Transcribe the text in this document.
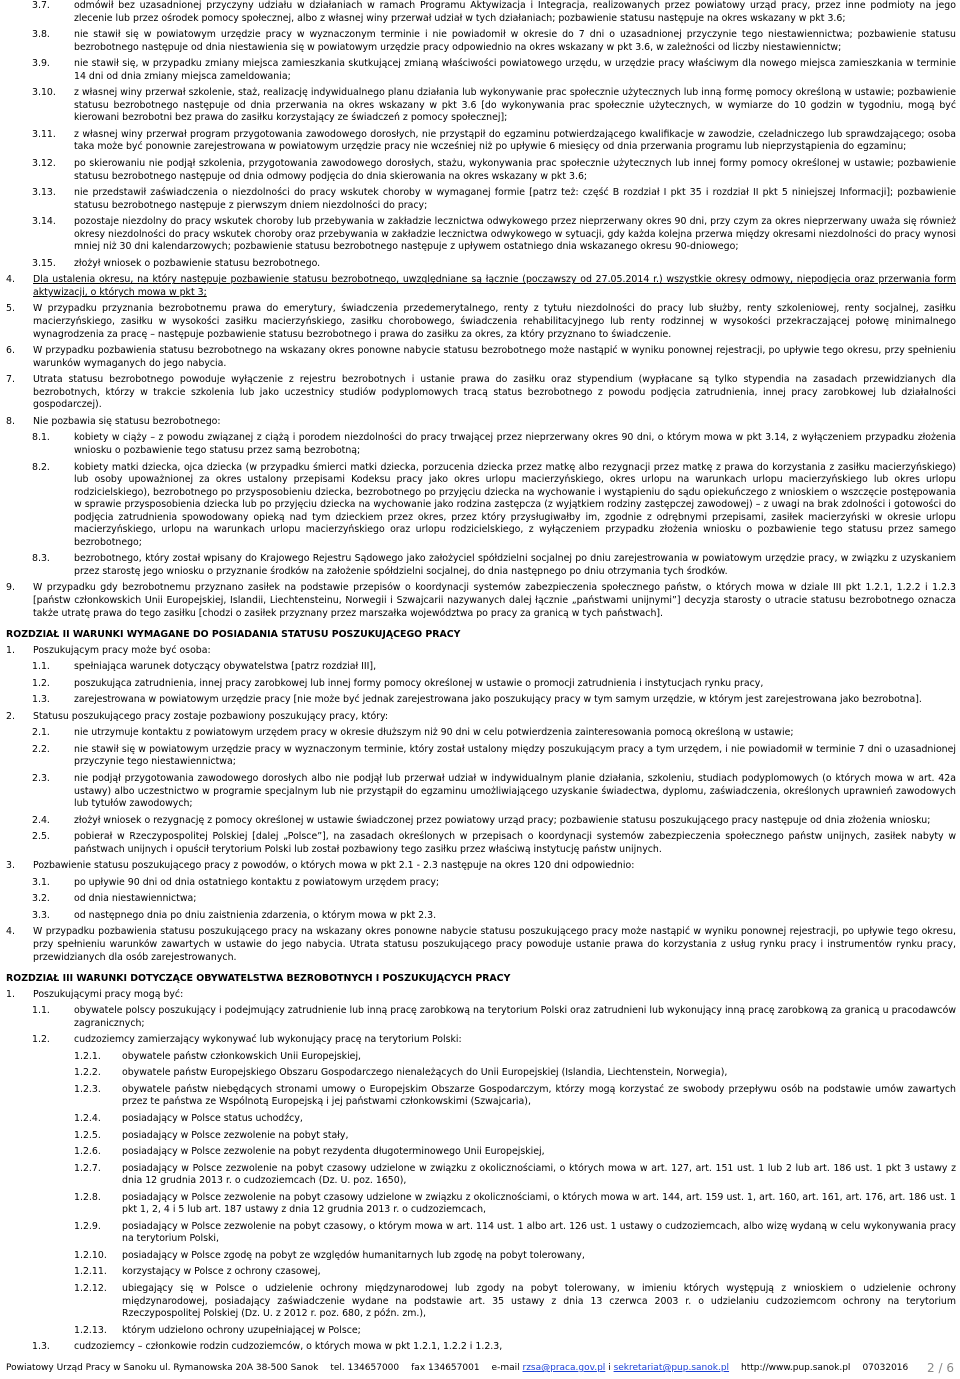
3.7.	odmówił bez uzasadnionej przyczyny udziału w działaniach w ramach Programu Aktywizacja i Integracja, realizowanych przez powiatowy urząd pracy, przez inne podmioty na jego zlecenie lub przez ośrodek pomocy społecznej, albo z własnej winy przerwał udział w tych działaniach; pozbawienie statusu następuje na okres wskazany w pkt 3.6;
3.8.	nie stawił się w powiatowym urzędzie pracy w wyznaczonym terminie i nie powiadomił w okresie do 7 dni o uzasadnionej przyczynie tego niestawiennictwa; pozbawienie statusu bezrobotnego następuje od dnia niestawienia się w powiatowym urzędzie pracy odpowiednio na okres wskazany w pkt 3.6, w zależności od liczby niestawiennictw;
3.9.	nie stawił się, w przypadku zmiany miejsca zamieszkania skutkującej zmianą właściwości powiatowego urzędu, w urzędzie pracy właściwym dla nowego miejsca zamieszkania w terminie 14 dni od dnia zmiany miejsca zameldowania;
3.10.	z własnej winy przerwał szkolenie, staż, realizację indywidualnego planu działania lub wykonywanie prac społecznie użytecznych lub inną formę pomocy określoną w ustawie; pozbawienie statusu bezrobotnego następuje od dnia przerwania na okres wskazany w pkt 3.6 [do wykonywania prac społecznie użytecznych, w wymiarze do 10 godzin w tygodniu, mogą być kierowani bezrobotni bez prawa do zasiłku korzystający ze świadczeń z pomocy społecznej];
3.11.	z własnej winy przerwał program przygotowania zawodowego dorosłych, nie przystąpił do egzaminu potwierdzającego kwalifikacje w zawodzie, czeladniczego lub sprawdzającego; osoba taka może być ponownie zarejestrowana w powiatowym urzędzie pracy nie wcześniej niż po upływie 6 miesięcy od dnia przerwania programu lub nieprzystąpienia do egzaminu;
3.12.	po skierowaniu nie podjął szkolenia, przygotowania zawodowego dorosłych, stażu, wykonywania prac społecznie użytecznych lub innej formy pomocy określonej w ustawie; pozbawienie statusu bezrobotnego następuje od dnia odmowy podjęcia do dnia skierowania na okres wskazany w pkt 3.6;
3.13.	nie przedstawił zaświadczenia o niezdolności do pracy wskutek choroby w wymaganej formie [patrz też: część B rozdział I pkt 35 i rozdział II pkt 5 niniejszej Informacji]; pozbawienie statusu bezrobotnego następuje z pierwszym dniem niezdolności do pracy;
3.14.	pozostaje niezdolny do pracy wskutek choroby lub przebywania w zakładzie lecznictwa odwykowego przez nieprzerwany okres 90 dni, przy czym za okres nieprzerwany uważa się również okresy niezdolności do pracy wskutek choroby oraz przebywania w zakładzie lecznictwa odwykowego w sytuacji, gdy każda kolejna przerwa między okresami niezdolności do pracy wynosi mniej niż 30 dni kalendarzowych; pozbawienie statusu bezrobotnego następuje z upływem ostatniego dnia wskazanego okresu 90-dniowego;
3.15.	złożył wniosek o pozbawienie statusu bezrobotnego.
4.	Dla ustalenia okresu, na który następuje pozbawienie statusu bezrobotnego, uwzględniane są łącznie (począwszy od 27.05.2014 r.) wszystkie okresy odmowy, niepodjęcia oraz przerwania form aktywizacji, o których mowa w pkt 3;
5.	W przypadku przyznania bezrobotnemu prawa do emerytury, świadczenia przedemerytalnego, renty z tytułu niezdolności do pracy lub służby, renty szkoleniowej, renty socjalnej, zasiłku macierzyńskiego, zasiłku w wysokości zasiłku macierzyńskiego, zasiłku chorobowego, świadczenia rehabilitacyjnego lub renty rodzinnej w wysokości przekraczającej połowę minimalnego wynagrodzenia za pracę – następuje pozbawienie statusu bezrobotnego i prawa do zasiłku za okres, za który przyznano to świadczenie.
6.	W przypadku pozbawienia statusu bezrobotnego na wskazany okres ponowne nabycie statusu bezrobotnego może nastąpić w wyniku ponownej rejestracji, po upływie tego okresu, przy spełnieniu warunków wymaganych do jego nabycia.
7.	Utrata statusu bezrobotnego powoduje wyłączenie z rejestru bezrobotnych i ustanie prawa do zasiłku oraz stypendium (wypłacane są tylko stypendia na zasadach przewidzianych dla bezrobotnych, którzy w trakcie szkolenia lub jako uczestnicy studiów podyplomowych tracą status bezrobotnego z powodu podjęcia zatrudnienia, innej pracy zarobkowej lub działalności gospodarczej).
8.	Nie pozbawia się statusu bezrobotnego:
8.1.	kobiety w ciąży – z powodu związanej z ciążą i porodem niezdolności do pracy trwającej przez nieprzerwany okres 90 dni, o którym mowa w pkt 3.14, z wyłączeniem przypadku złożenia wniosku o pozbawienie tego statusu przez samą bezrobotną;
8.2.	kobiety matki dziecka, ojca dziecka (w przypadku śmierci matki dziecka, porzucenia dziecka przez matkę albo rezygnacji przez matkę z prawa do korzystania z zasiłku macierzyńskiego) lub osoby upoważnionej za okres ustalony przepisami Kodeksu pracy jako okres urlopu macierzyńskiego, okres urlopu na warunkach urlopu macierzyńskiego lub okres urlopu rodzicielskiego), bezrobotnego po przysposobieniu dziecka, bezrobotnego po przyjęciu dziecka na wychowanie i wystąpieniu do sądu opiekuńczego z wnioskiem o wszczęcie postępowania w sprawie przysposobienia dziecka lub po przyjęciu dziecka na wychowanie jako rodzina zastępcza (z wyjątkiem rodziny zastępczej zawodowej) – z uwagi na brak zdolności i gotowości do podjęcia zatrudnienia spowodowany opieką nad tym dzieckiem przez okres, przez który przysługiwałby im, zgodnie z odrębnymi przepisami, zasiłek macierzyński w okresie urlopu macierzyńskiego, urlopu na warunkach urlopu macierzyńskiego oraz urlopu rodzicielskiego, z wyłączeniem przypadku złożenia wniosku o pozbawienie tego statusu przez samego bezrobotnego;
8.3.	bezrobotnego, który został wpisany do Krajowego Rejestru Sądowego jako założyciel spółdzielni socjalnej po dniu zarejestrowania w powiatowym urzędzie pracy, w związku z uzyskaniem przez starostę jego wniosku o przyznanie środków na założenie spółdzielni socjalnej, do dnia następnego po dniu otrzymania tych środków.
9.	W przypadku gdy bezrobotnemu przyznano zasiłek na podstawie przepisów o koordynacji systemów zabezpieczenia społecznego państw, o których mowa w dziale III pkt 1.2.1, 1.2.2 i 1.2.3 [państw członkowskich Unii Europejskiej, Islandii, Liechtensteinu, Norwegii i Szwajcarii nazywanych dalej łącznie „państwami unijnymi”] decyzja starosty o utracie statusu bezrobotnego oznacza także utratę prawa do tego zasiłku [chodzi o zasiłek przyznany przez marszałka województwa po pracy za granicą w tych państwach].
ROZDZIAŁ II WARUNKI WYMAGANE DO POSIADANIA STATUSU POSZUKUJĄCEGO PRACY
1.	Poszukującym pracy może być osoba:
1.1.	spełniająca warunek dotyczący obywatelstwa [patrz rozdział III],
1.2.	poszukująca zatrudnienia, innej pracy zarobkowej lub innej formy pomocy określonej w ustawie o promocji zatrudnienia i instytucjach rynku pracy,
1.3.	zarejestrowana w powiatowym urzędzie pracy [nie może być jednak zarejestrowana jako poszukujący pracy w tym samym urzędzie, w którym jest zarejestrowana jako bezrobotna].
2.	Statusu poszukującego pracy zostaje pozbawiony poszukujący pracy, który:
2.1.	nie utrzymuje kontaktu z powiatowym urzędem pracy w okresie dłuższym niż 90 dni w celu potwierdzenia zainteresowania pomocą określoną w ustawie;
2.2.	nie stawił się w powiatowym urzędzie pracy w wyznaczonym terminie, który został ustalony między poszukującym pracy a tym urzędem, i nie powiadomił w terminie 7 dni o uzasadnionej przyczynie tego niestawiennictwa;
2.3.	nie podjął przygotowania zawodowego dorosłych albo nie podjął lub przerwał udział w indywidualnym planie działania, szkoleniu, studiach podyplomowych (o których mowa w art. 42a ustawy) albo uczestnictwo w programie specjalnym lub nie przystąpił do egzaminu umożliwiającego uzyskanie świadectwa, dyplomu, zaświadczenia, określonych uprawnień zawodowych lub tytułów zawodowych;
2.4.	złożył wniosek o rezygnację z pomocy określonej w ustawie świadczonej przez powiatowy urząd pracy; pozbawienie statusu poszukującego pracy następuje od dnia złożenia wniosku;
2.5.	pobierał w Rzeczypospolitej Polskiej [dalej „Polsce”], na zasadach określonych w przepisach o koordynacji systemów zabezpieczenia społecznego państw unijnych, zasiłek nabyty w państwach unijnych i opuścił terytorium Polski lub został pozbawiony tego zasiłku przez właściwą instytucję państw unijnych.
3.	Pozbawienie statusu poszukującego pracy z powodów, o których mowa w pkt 2.1 - 2.3 następuje na okres 120 dni odpowiednio:
3.1.	po upływie 90 dni od dnia ostatniego kontaktu z powiatowym urzędem pracy;
3.2.	od dnia niestawiennictwa;
3.3.	od następnego dnia po dniu zaistnienia zdarzenia, o którym mowa w pkt 2.3.
4.	W przypadku pozbawienia statusu poszukującego pracy na wskazany okres ponowne nabycie statusu poszukującego pracy może nastąpić w wyniku ponownej rejestracji, po upływie tego okresu, przy spełnieniu warunków zawartych w ustawie do jego nabycia. Utrata statusu poszukującego pracy powoduje ustanie prawa do korzystania z usług rynku pracy i instrumentów rynku pracy, przewidzianych dla osób zarejestrowanych.
ROZDZIAŁ III WARUNKI DOTYCZĄCE OBYWATELSTWA BEZROBOTNYCH I POSZUKUJĄCYCH PRACY
1.	Poszukującymi pracy mogą być:
1.1.	obywatele polscy poszukujący i podejmujący zatrudnienie lub inną pracę zarobkową na terytorium Polski oraz zatrudnieni lub wykonujący inną pracę zarobkową za granicą u pracodawców zagranicznych;
1.2.	cudzoziemcy zamierzający wykonywać lub wykonujący pracę na terytorium Polski:
1.2.1.	obywatele państw członkowskich Unii Europejskiej,
1.2.2.	obywatele państw Europejskiego Obszaru Gospodarczego nienależących do Unii Europejskiej (Islandia, Liechtenstein, Norwegia),
1.2.3.	obywatele państw niebędących stronami umowy o Europejskim Obszarze Gospodarczym, którzy mogą korzystać ze swobody przepływu osób na podstawie umów zawartych przez te państwa ze Wspólnotą Europejską i jej państwami członkowskimi (Szwajcaria),
1.2.4.	posiadający w Polsce status uchodźcy,
1.2.5.	posiadający w Polsce zezwolenie na pobyt stały,
1.2.6.	posiadający w Polsce zezwolenie na pobyt rezydenta długoterminowego Unii Europejskiej,
1.2.7.	posiadający w Polsce zezwolenie na pobyt czasowy udzielone w związku z okolicznościami, o których mowa w art. 127, art. 151 ust. 1 lub 2 lub art. 186 ust. 1 pkt 3 ustawy z dnia 12 grudnia 2013 r. o cudzoziemcach (Dz. U. poz. 1650),
1.2.8.	posiadający w Polsce zezwolenie na pobyt czasowy udzielone w związku z okolicznościami, o których mowa w art. 144, art. 159 ust. 1, art. 160, art. 161, art. 176, art. 186 ust. 1 pkt 1, 2, 4 i 5 lub art. 187 ustawy z dnia 12 grudnia 2013 r. o cudzoziemcach,
1.2.9.	posiadający w Polsce zezwolenie na pobyt czasowy, o którym mowa w art. 114 ust. 1 albo art. 126 ust. 1 ustawy o cudzoziemcach, albo wizę wydaną w celu wykonywania pracy na terytorium Polski,
1.2.10.	posiadający w Polsce zgodę na pobyt ze względów humanitarnych lub zgodę na pobyt tolerowany,
1.2.11.	korzystający w Polsce z ochrony czasowej,
1.2.12.	ubiegający się w Polsce o udzielenie ochrony międzynarodowej lub zgody na pobyt tolerowany, w imieniu których występują z wnioskiem o udzielenie ochrony międzynarodowej, posiadający zaświadczenie wydane na podstawie art. 35 ustawy z dnia 13 czerwca 2003 r. o udzielaniu cudzoziemcom ochrony na terytorium Rzeczypospolitej Polskiej (Dz. U. z 2012 r. poz. 680, z późn. zm.),
1.2.13.	którym udzielono ochrony uzupełniającej w Polsce;
1.3.	cudzoziemcy – członkowie rodzin cudzoziemców, o których mowa w pkt 1.2.1, 1.2.2 i 1.2.3,
Powiatowy Urząd Pracy w Sanoku ul. Rymanowska 20A 38-500 Sanok tel. 134657000 fax 134657001 e-mail rzsa@praca.gov.pl i sekretariat@pup.sanok.pl http://www.pup.sanok.pl 07032016 2 / 6
